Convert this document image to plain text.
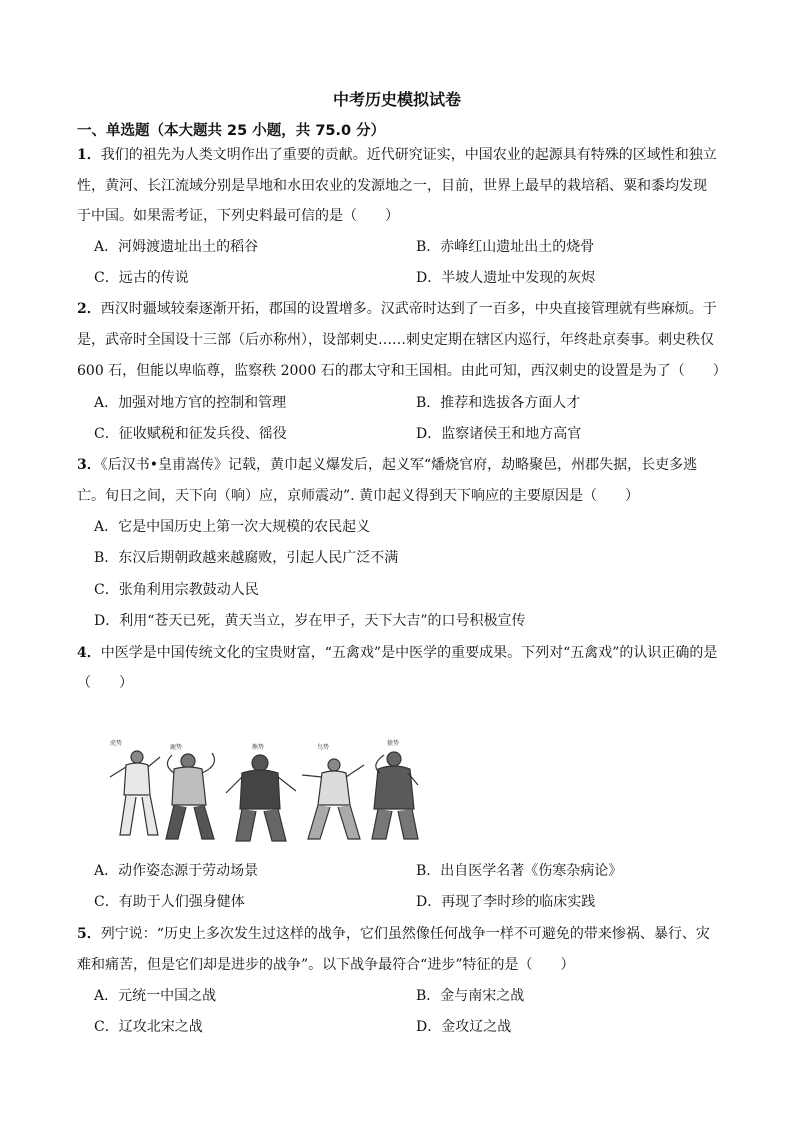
中考历史模拟试卷
一、单选题（本大题共 25 小题，共 75.0 分）
1．我们的祖先为人类文明作出了重要的贡献。近代研究证实，中国农业的起源具有特殊的区域性和独立
性，黄河、长江流域分别是旱地和水田农业的发源地之一，目前，世界上最早的栽培稻、粟和黍均发现
于中国。如果需考证，下列史料最可信的是（　　）
A．河姆渡遗址出土的稻谷	B．赤峰红山遗址出土的烧骨
C．远古的传说	D．半坡人遗址中发现的灰烬
2．西汉时疆域较秦逐渐开拓，郡国的设置增多。汉武帝时达到了一百多，中央直接管理就有些麻烦。于
是，武帝时全国设十三部（后亦称州），设部刺史……刺史定期在辖区内巡行，年终赴京奏事。刺史秩仅
600 石，但能以卑临尊，监察秩 2000 石的郡太守和王国相。由此可知，西汉刺史的设置是为了（　　）
A．加强对地方官的控制和管理	B．推荐和选拔各方面人才
C．征收赋税和征发兵役、徭役	D．监察诸侯王和地方高官
3．《后汉书•皇甫嵩传》记载，黄巾起义爆发后，起义军“燔烧官府，劫略聚邑，州郡失据，长吏多逃
亡。旬日之间，天下向（响）应，京师震动”. 黄巾起义得到天下响应的主要原因是（　　）
A．它是中国历史上第一次大规模的农民起义
B．东汉后期朝政越来越腐败，引起人民广泛不满
C．张角利用宗教鼓动人民
D．利用“苍天已死，黄天当立，岁在甲子，天下大吉”的口号积极宣传
4．中医学是中国传统文化的宝贵财富，“五禽戏”是中医学的重要成果。下列对“五禽戏”的认识正确的是
（　　）
虎势
鹿势	熊势	鸟势
猿势
A．动作姿态源于劳动场景	B．出自医学名著《伤寒杂病论》
C．有助于人们强身健体	D．再现了李时珍的临床实践
5．列宁说：“历史上多次发生过这样的战争，它们虽然像任何战争一样不可避免的带来惨祸、暴行、灾
难和痛苦，但是它们却是进步的战争”。以下战争最符合“进步”特征的是（　　）
A．元统一中国之战	B．金与南宋之战
C．辽攻北宋之战	D．金攻辽之战
